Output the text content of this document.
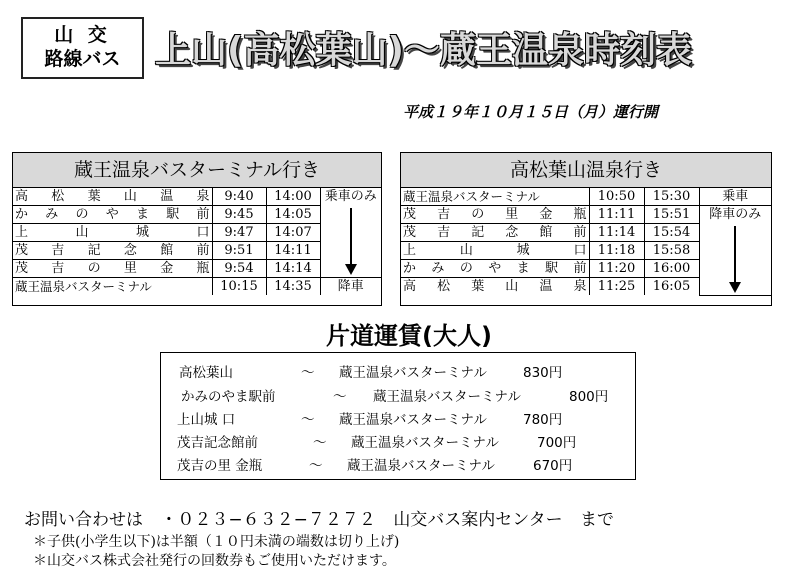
山 交
路線バス 上山(高松葉山)〜蔵王温泉時刻表
平成１９年１０月１５日（月）運行開
蔵王温泉バスターミナル行き
高松葉山温泉	9:40	14:00	乗車のみ

かみのやま駅前	9:45	14:05	
上山城口	9:47	14:07	
茂吉記念館前	9:51	14:11	
茂吉の里金瓶	9:54	14:14	
蔵王温泉バスターミナル	10:15	14:35	降車
高松葉山温泉行き
蔵王温泉バスターミナル	10:50	15:30	乗車
茂吉の里金瓶	11:11	15:51	降車のみ

茂吉記念館前	11:14	15:54	
上山城口	11:18	15:58	
かみのやま駅前	11:20	16:00	
高松葉山温泉	11:25	16:05	
片道運賃(大人)
高松葉山	〜 蔵王温泉バスターミナル	830円
かみのやま駅前	〜 蔵王温泉バスターミナル	800円
上山城 口	〜 蔵王温泉バスターミナル	780円
茂吉記念館前	〜 蔵王温泉バスターミナル	700円
茂吉の里 金瓶	〜 蔵王温泉バスターミナル	670円
お問い合わせは ・０２３−６３２−７２７２ 山交バス案内センター まで
＊子供(小学生以下)は半額（１０円未満の端数は切り上げ)
＊山交バス株式会社発行の回数券もご使用いただけます。
